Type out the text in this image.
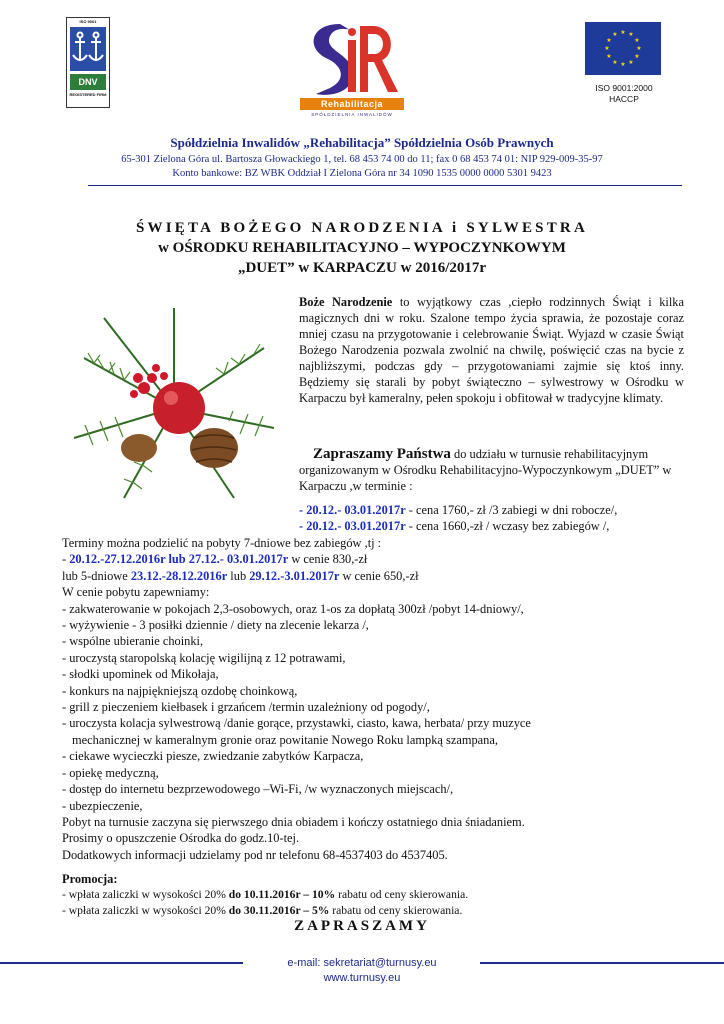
ISO 9001
DNV
REGISTERED FIRM
Rehabilitacja
SPÓŁDZIELNIA INWALIDÓW
★ ★
★
★
★
★
★
★
★
★
★
★
ISO 9001:2000
HACCP
Spółdzielnia Inwalidów „Rehabilitacja” Spółdzielnia Osób Prawnych
65-301 Zielona Góra ul. Bartosza Głowackiego 1, tel. 68 453 74 00 do 11; fax 0 68 453 74 01: NIP 929-009-35-97
Konto bankowe: BZ WBK Oddział I Zielona Góra nr 34 1090 1535 0000 0000 5301 9423
ŚWIĘTA BOŻEGO NARODZENIA i SYLWESTRA
w OŚRODKU REHABILITACYJNO – WYPOCZYNKOWYM
„DUET” w KARPACZU w 2016/2017r
Boże Narodzenie to wyjątkowy czas ,ciepło rodzinnych Świąt i kilka magicznych dni w roku. Szalone tempo życia sprawia, że pozostaje coraz mniej czasu na przygotowanie i celebrowanie Świąt. Wyjazd w czasie Świąt Bożego Narodzenia pozwala zwolnić na chwilę, poświęcić czas na bycie z najbliższymi, podczas gdy – przygotowaniami zajmie się ktoś inny. Będziemy się starali by pobyt świąteczno – sylwestrowy w Ośrodku w Karpaczu był kameralny, pełen spokoju i obfitował w tradycyjne klimaty.
Zapraszamy Państwa do udziału w turnusie rehabilitacyjnym organizowanym w Ośrodku Rehabilitacyjno-Wypoczynkowym „DUET” w Karpaczu ,w terminie :
- 20.12.- 03.01.2017r - cena 1760,- zł /3 zabiegi w dni robocze/,
- 20.12.- 03.01.2017r - cena 1660,-zł / wczasy bez zabiegów /,
Terminy można podzielić na pobyty 7-dniowe bez zabiegów ,tj :
- 20.12.-27.12.2016r lub 27.12.- 03.01.2017r w cenie 830,-zł
lub 5-dniowe 23.12.-28.12.2016r lub 29.12.-3.01.2017r w cenie 650,-zł
W cenie pobytu zapewniamy:
- zakwaterowanie w pokojach 2,3-osobowych, oraz 1-os za dopłatą 300zł /pobyt 14-dniowy/,
- wyżywienie - 3 posiłki dziennie / diety na zlecenie lekarza /,
- wspólne ubieranie choinki,
- uroczystą staropolską kolację wigilijną z 12 potrawami,
- słodki upominek od Mikołaja,
- konkurs na najpiękniejszą ozdobę choinkową,
- grill z pieczeniem kiełbasek i grzańcem /termin uzależniony od pogody/,
- uroczysta kolacja sylwestrową /danie gorące, przystawki, ciasto, kawa, herbata/ przy muzyce
mechanicznej w kameralnym gronie oraz powitanie Nowego Roku lampką szampana,
- ciekawe wycieczki piesze, zwiedzanie zabytków Karpacza,
- opiekę medyczną,
- dostęp do internetu bezprzewodowego –Wi-Fi, /w wyznaczonych miejscach/,
- ubezpieczenie,
Pobyt na turnusie zaczyna się pierwszego dnia obiadem i kończy ostatniego dnia śniadaniem.
Prosimy o opuszczenie Ośrodka do godz.10-tej.
Dodatkowych informacji udzielamy pod nr telefonu 68-4537403 do 4537405.
Promocja:
- wpłata zaliczki w wysokości 20% do 10.11.2016r – 10% rabatu od ceny skierowania.
- wpłata zaliczki w wysokości 20% do 30.11.2016r – 5% rabatu od ceny skierowania.
ZAPRASZAMY
e-mail: sekretariat@turnusy.eu
www.turnusy.eu
